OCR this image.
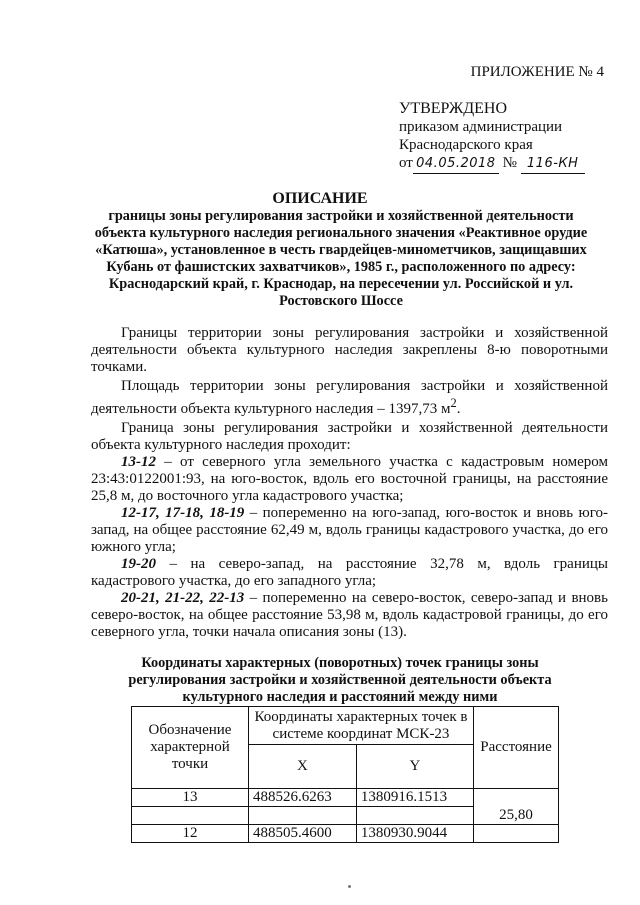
ПРИЛОЖЕНИЕ № 4
УТВЕРЖДЕНО
приказом администрации
Краснодарского края
от 04.05.2018 № 116-КН
ОПИСАНИЕ
границы зоны регулирования застройки и хозяйственной деятельности объекта культурного наследия регионального значения «Реактивное орудие «Катюша», установленное в честь гвардейцев-минометчиков, защищавших Кубань от фашистских захватчиков», 1985 г., расположенного по адресу: Краснодарский край, г. Краснодар, на пересечении ул. Российской и ул. Ростовского Шоссе

Границы территории зоны регулирования застройки и хозяйственной деятельности объекта культурного наследия закреплены 8-ю поворотными точками.

Площадь территории зоны регулирования застройки и хозяйственной деятельности объекта культурного наследия – 1397,73 $м^2$.

Граница зоны регулирования застройки и хозяйственной деятельности объекта культурного наследия проходит:

13-12 – от северного угла земельного участка с кадастровым номером 23:43:0122001:93, на юго-восток, вдоль его восточной границы, на расстояние 25,8 м, до восточного угла кадастрового участка;

12-17, 17-18, 18-19 – попеременно на юго-запад, юго-восток и вновь юго-запад, на общее расстояние 62,49 м, вдоль границы кадастрового участка, до его южного угла;

19-20 – на северо-запад, на расстояние 32,78 м, вдоль границы кадастрового участка, до его западного угла;

20-21, 21-22, 22-13 – попеременно на северо-восток, северо-запад и вновь северо-восток, на общее расстояние 53,98 м, вдоль кадастровой границы, до его северного угла, точки начала описания зоны (13).

Координаты характерных (поворотных) точек границы зоны регулирования застройки и хозяйственной деятельности объекта культурного наследия и расстояний между ними
Обозначение характерной точки	Координаты характерных точек в системе координат МСК-23		Расстояние
	X	Y	
13	488526.6263	1380916.1513	25,80

12	488505.4600	1380930.9044	
